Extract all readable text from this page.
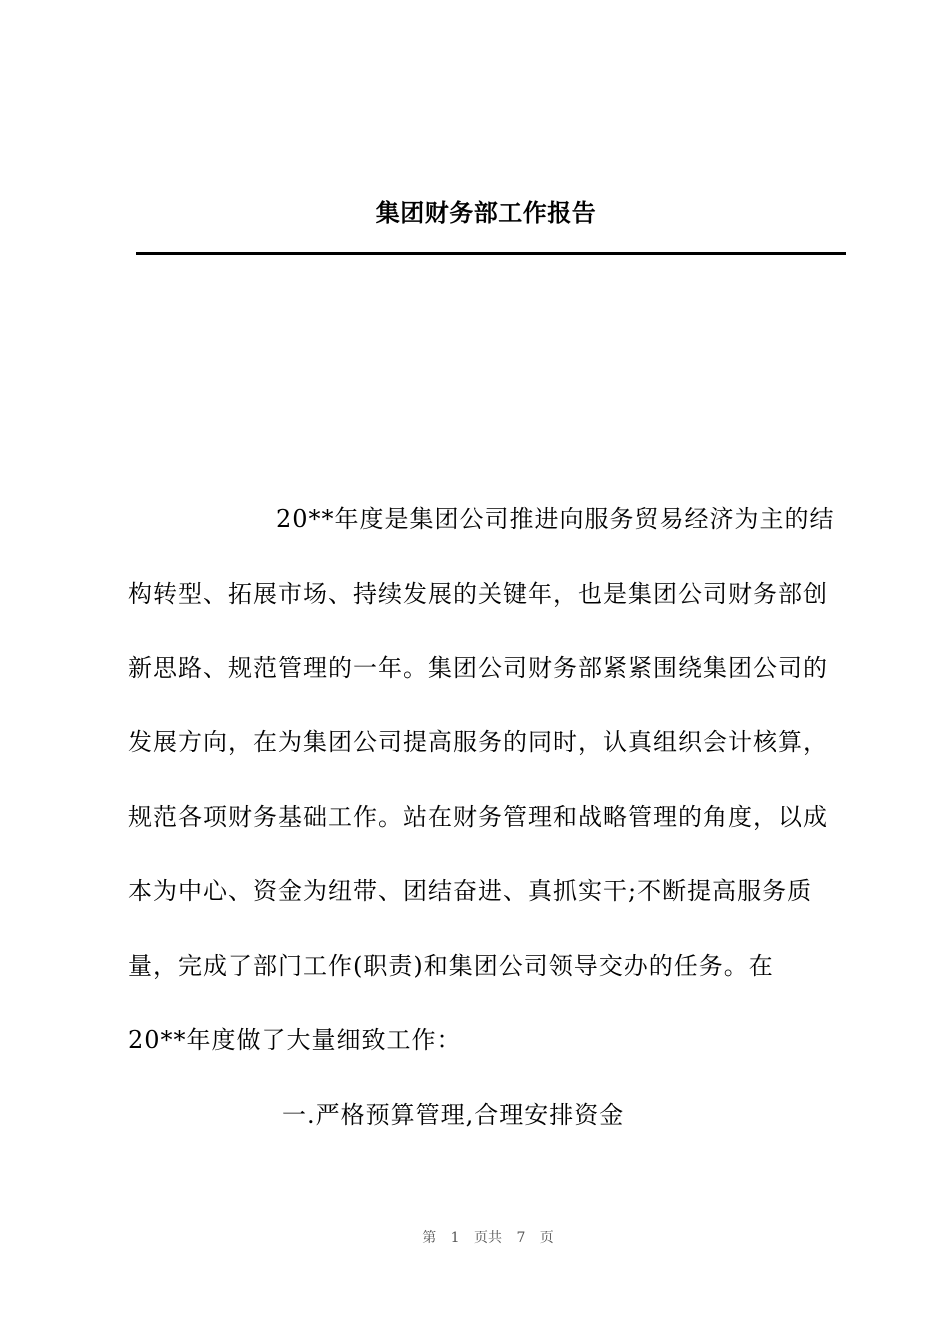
集团财务部工作报告
20**年度是集团公司推进向服务贸易经济为主的结
构转型、拓展市场、持续发展的关键年，也是集团公司财务部创
新思路、规范管理的一年。集团公司财务部紧紧围绕集团公司的
发展方向，在为集团公司提高服务的同时，认真组织会计核算，
规范各项财务基础工作。站在财务管理和战略管理的角度，以成
本为中心、资金为纽带、团结奋进、真抓实干;不断提高服务质
量，完成了部门工作(职责)和集团公司领导交办的任务。在
20**年度做了大量细致工作：
一.严格预算管理,合理安排资金
第 1 页共 7 页
